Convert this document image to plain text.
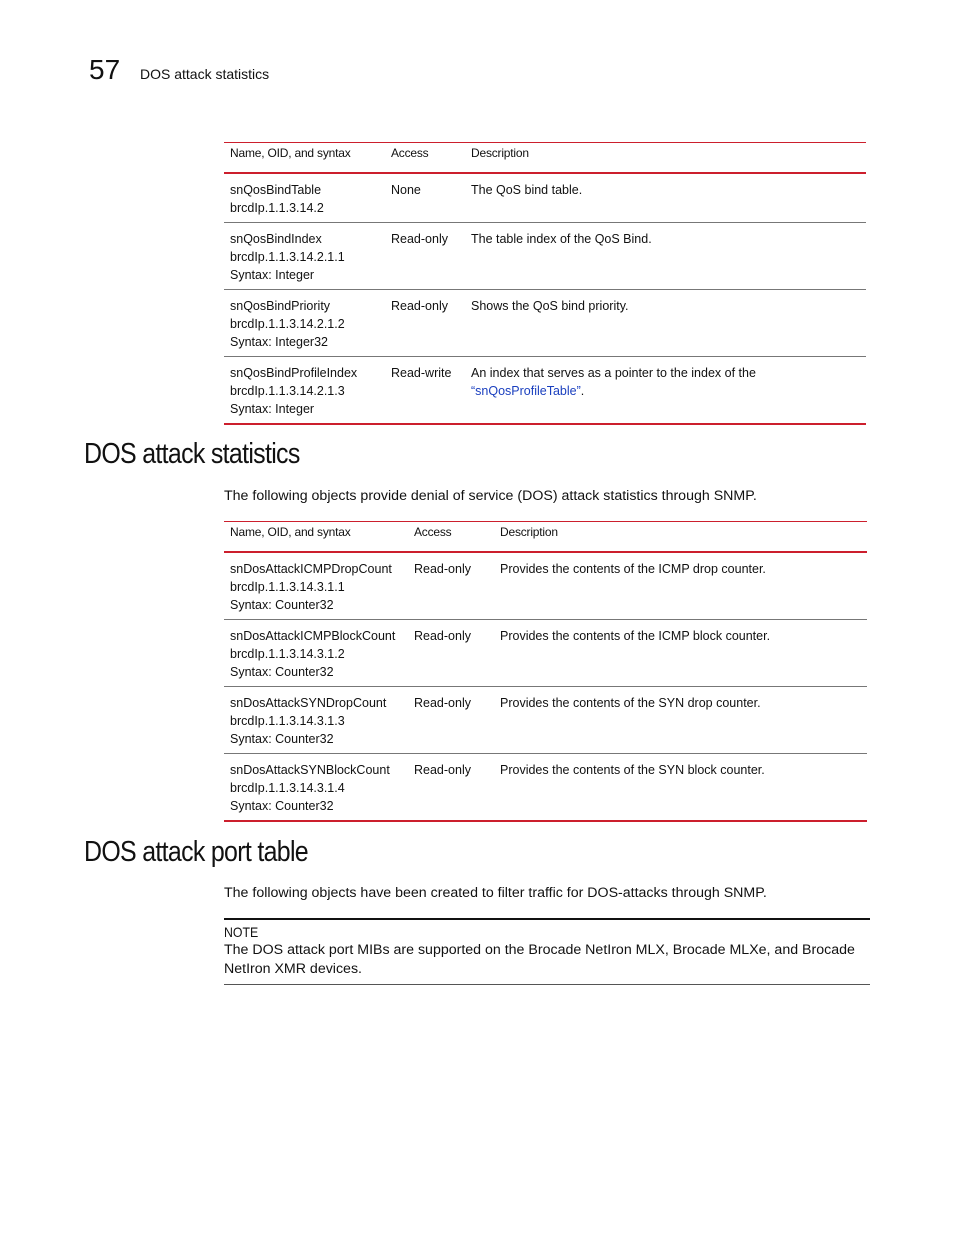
57 DOS attack statistics
Name, OID, and syntax	Access	Description

snQosBindTable
brcdIp.1.1.3.14.2	None	The QoS bind table.

snQosBindIndex
brcdIp.1.1.3.14.2.1.1
Syntax: Integer	Read-only	The table index of the QoS Bind.

snQosBindPriority
brcdIp.1.1.3.14.2.1.2
Syntax: Integer32	Read-only	Shows the QoS bind priority.

snQosBindProfileIndex
brcdIp.1.1.3.14.2.1.3
Syntax: Integer	Read-write	An index that serves as a pointer to the index of the
“snQosProfileTable”.
DOS attack statistics

The following objects provide denial of service (DOS) attack statistics through SNMP.

Name, OID, and syntax	Access	Description

snDosAttackICMPDropCount
brcdIp.1.1.3.14.3.1.1
Syntax: Counter32	Read-only	Provides the contents of the ICMP drop counter.

snDosAttackICMPBlockCount
brcdIp.1.1.3.14.3.1.2
Syntax: Counter32	Read-only	Provides the contents of the ICMP block counter.

snDosAttackSYNDropCount
brcdIp.1.1.3.14.3.1.3
Syntax: Counter32	Read-only	Provides the contents of the SYN drop counter.

snDosAttackSYNBlockCount
brcdIp.1.1.3.14.3.1.4
Syntax: Counter32	Read-only	Provides the contents of the SYN block counter.
DOS attack port table

The following objects have been created to filter traffic for DOS-attacks through SNMP.

NOTE
The DOS attack port MIBs are supported on the Brocade NetIron MLX, Brocade MLXe, and Brocade NetIron XMR devices.
